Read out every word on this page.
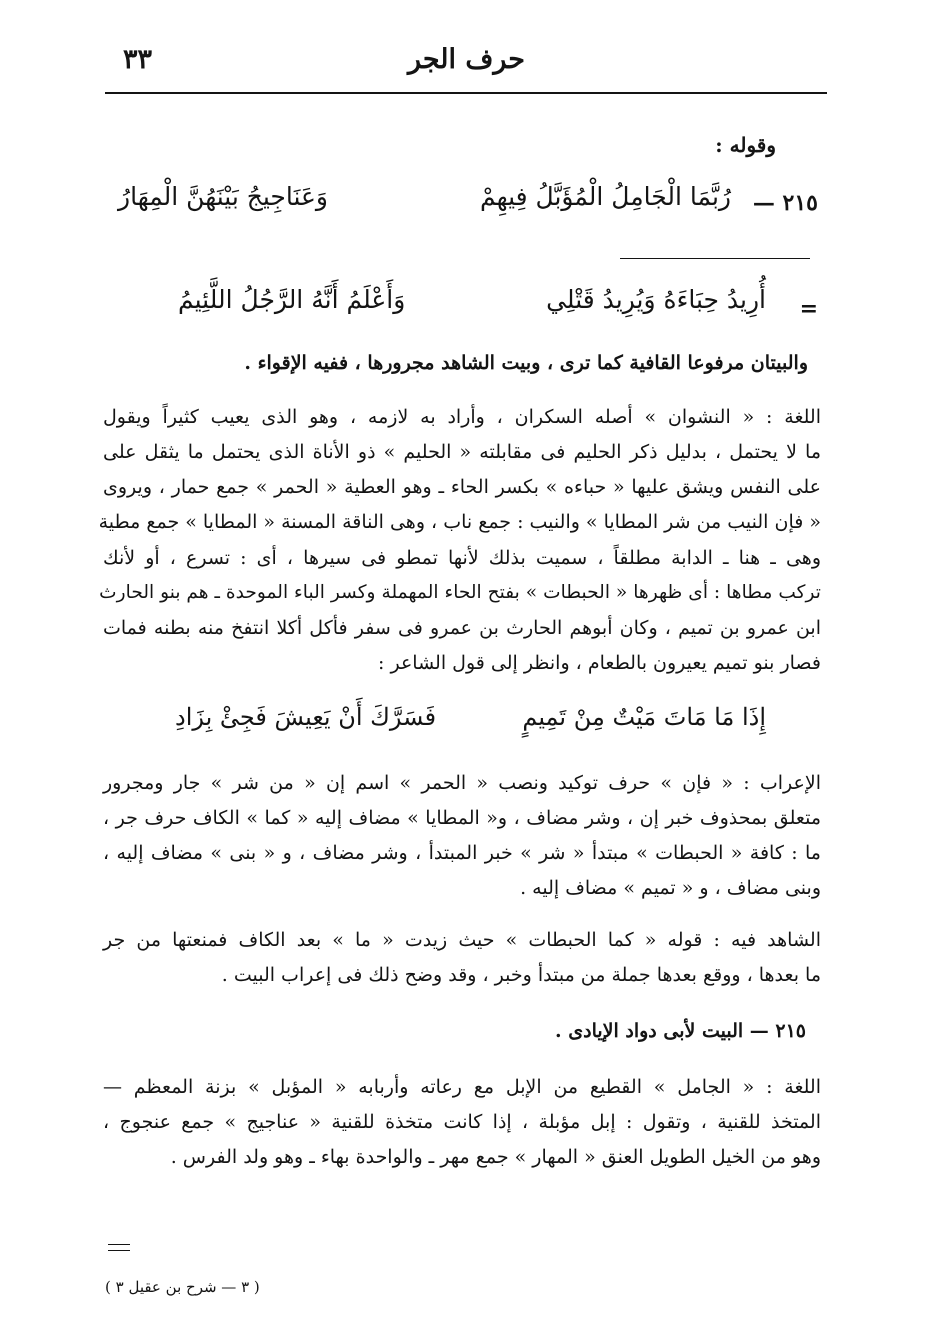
حرف الجر
٣٣
وقوله :
٢١٥ —
رُبَّمَا الْجَامِلُ الْمُؤَبَّلُ فِيهِمْ
وَعَنَاجِيجُ بَيْنَهُنَّ الْمِهَارُ
=
أُرِيدُ حِبَاءَهُ وَيُرِيدُ قَتْلِي
وَأَعْلَمُ أَنَّهُ الرَّجُلُ اللَّئِيمُ
والبيتان مرفوعا القافية كما ترى ، وبيت الشاهد مجرورها ، ففيه الإقواء .
اللغة : « النشوان » أصله السكران ، وأراد به لازمه ، وهو الذى يعيب كثيراً ويقول
ما لا يحتمل ، بدليل ذكر الحليم فى مقابلته « الحليم » ذو الأناة الذى يحتمل ما يثقل على
على النفس ويشق عليها « حباءه » بكسر الحاء ـ وهو العطية « الحمر » جمع حمار ، ويروى
« فإن النيب من شر المطايا » والنيب : جمع ناب ، وهى الناقة المسنة « المطايا » جمع مطية
وهى ـ هنا ـ الدابة مطلقاً ، سميت بذلك لأنها تمطو فى سيرها ، أى : تسرع ، أو لأنك
تركب مطاها : أى ظهرها « الحبطات » بفتح الحاء المهملة وكسر الباء الموحدة ـ هم بنو الحارث
ابن عمرو بن تميم ، وكان أبوهم الحارث بن عمرو فى سفر فأكل أكلا انتفخ منه بطنه فمات
فصار بنو تميم يعيرون بالطعام ، وانظر إلى قول الشاعر :
إِذَا مَا مَاتَ مَيْتٌ مِنْ تَمِيمٍ
فَسَرَّكَ أَنْ يَعِيشَ فَجِئْ بِزَادِ
الإعراب : « فإن » حرف توكيد ونصب « الحمر » اسم إن « من شر » جار ومجرور
متعلق بمحذوف خبر إن ، وشر مضاف ، و« المطايا » مضاف إليه « كما » الكاف حرف جر ،
ما : كافة « الحبطات » مبتدأ « شر » خبر المبتدأ ، وشر مضاف ، و « بنى » مضاف إليه ،
وبنى مضاف ، و « تميم » مضاف إليه .
الشاهد فيه : قوله « كما الحبطات » حيث زيدت « ما » بعد الكاف فمنعتها من جر
ما بعدها ، ووقع بعدها جملة من مبتدأ وخبر ، وقد وضح ذلك فى إعراب البيت .
٢١٥ — البيت لأبى دواد الإيادى .
اللغة : « الجامل » القطيع من الإبل مع رعاته وأربابه « المؤبل » بزنة المعظم —
المتخذ للقنية ، وتقول : إبل مؤبلة ، إذا كانت متخذة للقنية « عناجيج » جمع عنجوج ،
وهو من الخيل الطويل العنق « المهار » جمع مهر ـ والواحدة بهاء ـ وهو ولد الفرس .
( ٣ — شرح بن عقيل ٣ )
